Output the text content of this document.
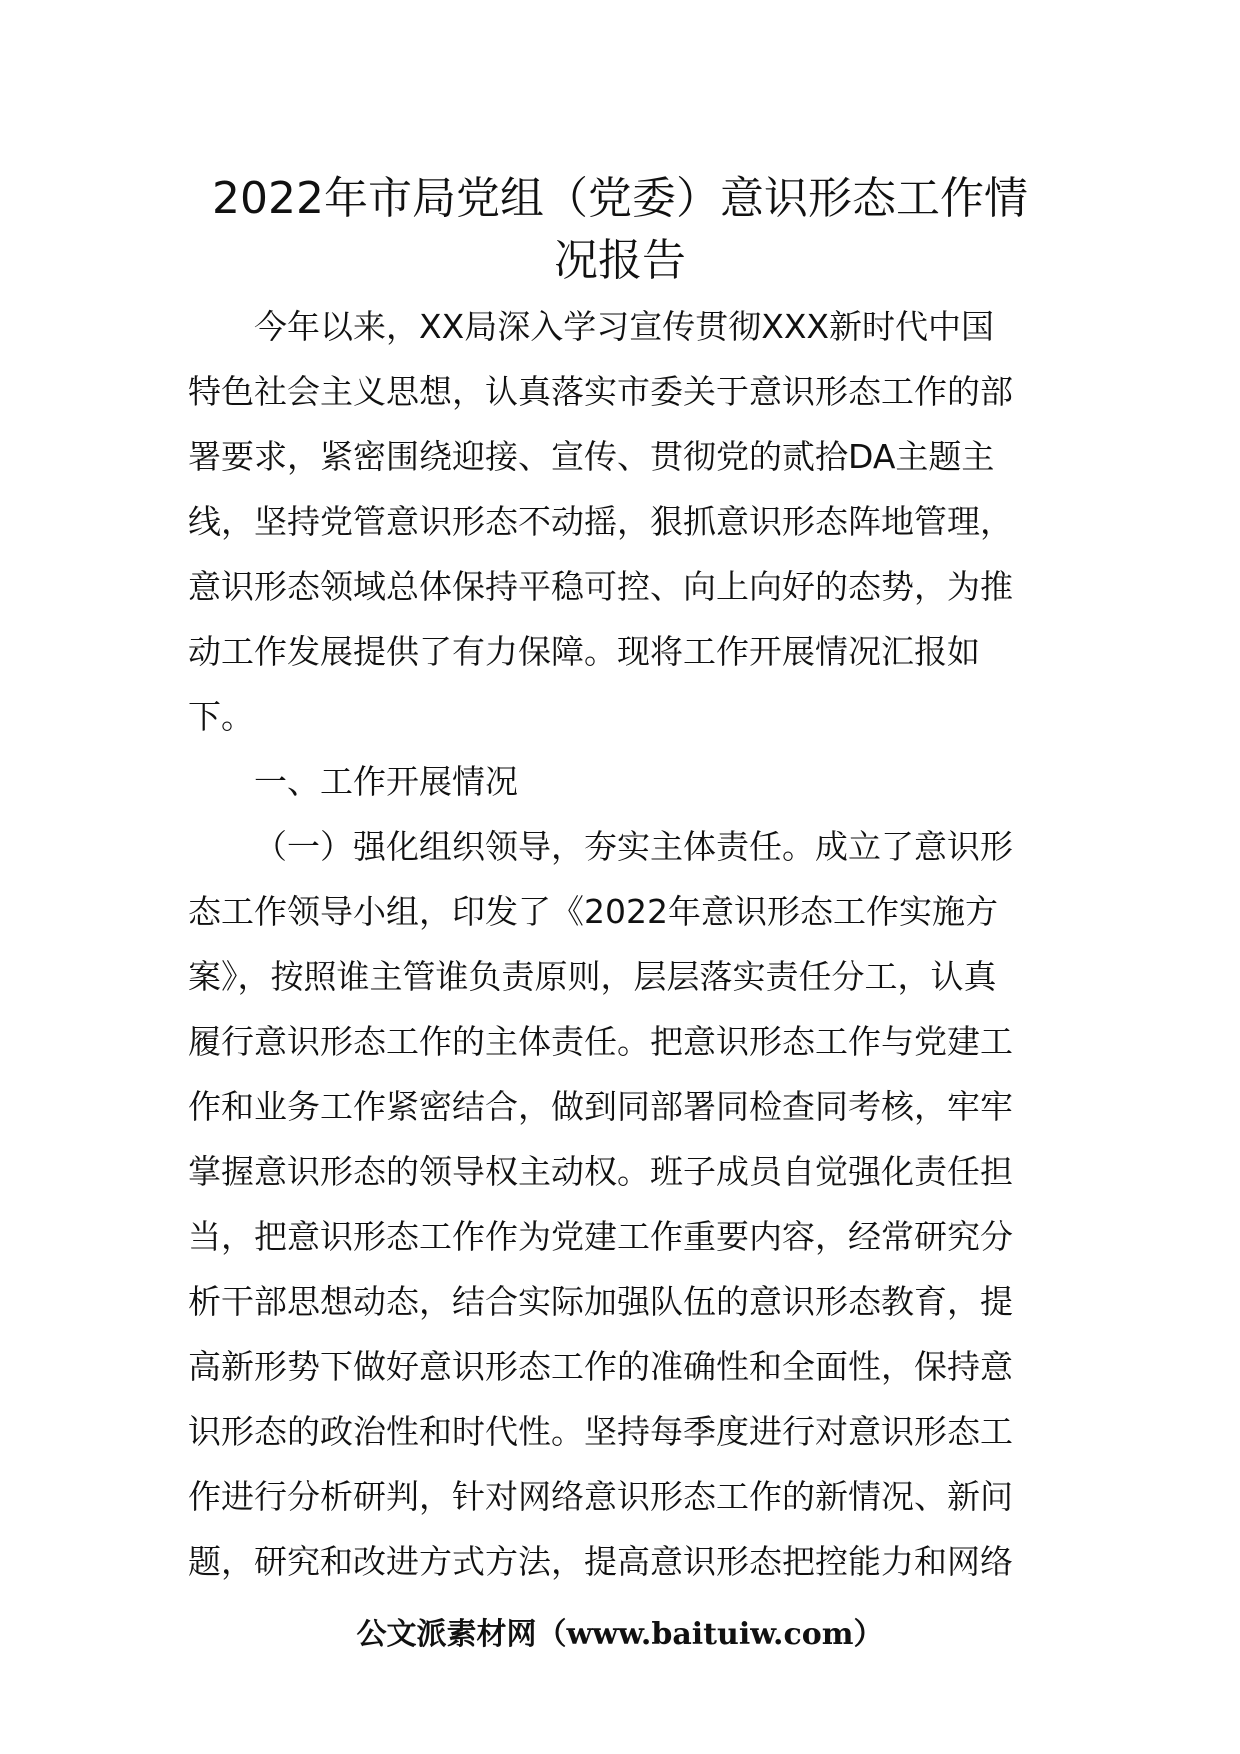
2022年市局党组（党委）意识形态工作情
况报告
今年以来，XX局深入学习宣传贯彻XXX新时代中国
特色社会主义思想，认真落实市委关于意识形态工作的部
署要求，紧密围绕迎接、宣传、贯彻党的贰拾DA主题主
线，坚持党管意识形态不动摇，狠抓意识形态阵地管理，
意识形态领域总体保持平稳可控、向上向好的态势，为推
动工作发展提供了有力保障。现将工作开展情况汇报如
下。
一、工作开展情况
（一）强化组织领导，夯实主体责任。成立了意识形
态工作领导小组，印发了《2022年意识形态工作实施方
案》，按照谁主管谁负责原则，层层落实责任分工，认真
履行意识形态工作的主体责任。把意识形态工作与党建工
作和业务工作紧密结合，做到同部署同检查同考核，牢牢
掌握意识形态的领导权主动权。班子成员自觉强化责任担
当，把意识形态工作作为党建工作重要内容，经常研究分
析干部思想动态，结合实际加强队伍的意识形态教育，提
高新形势下做好意识形态工作的准确性和全面性，保持意
识形态的政治性和时代性。坚持每季度进行对意识形态工
作进行分析研判，针对网络意识形态工作的新情况、新问
题，研究和改进方式方法，提高意识形态把控能力和网络
公文派素材网（www.baituiw.com）
